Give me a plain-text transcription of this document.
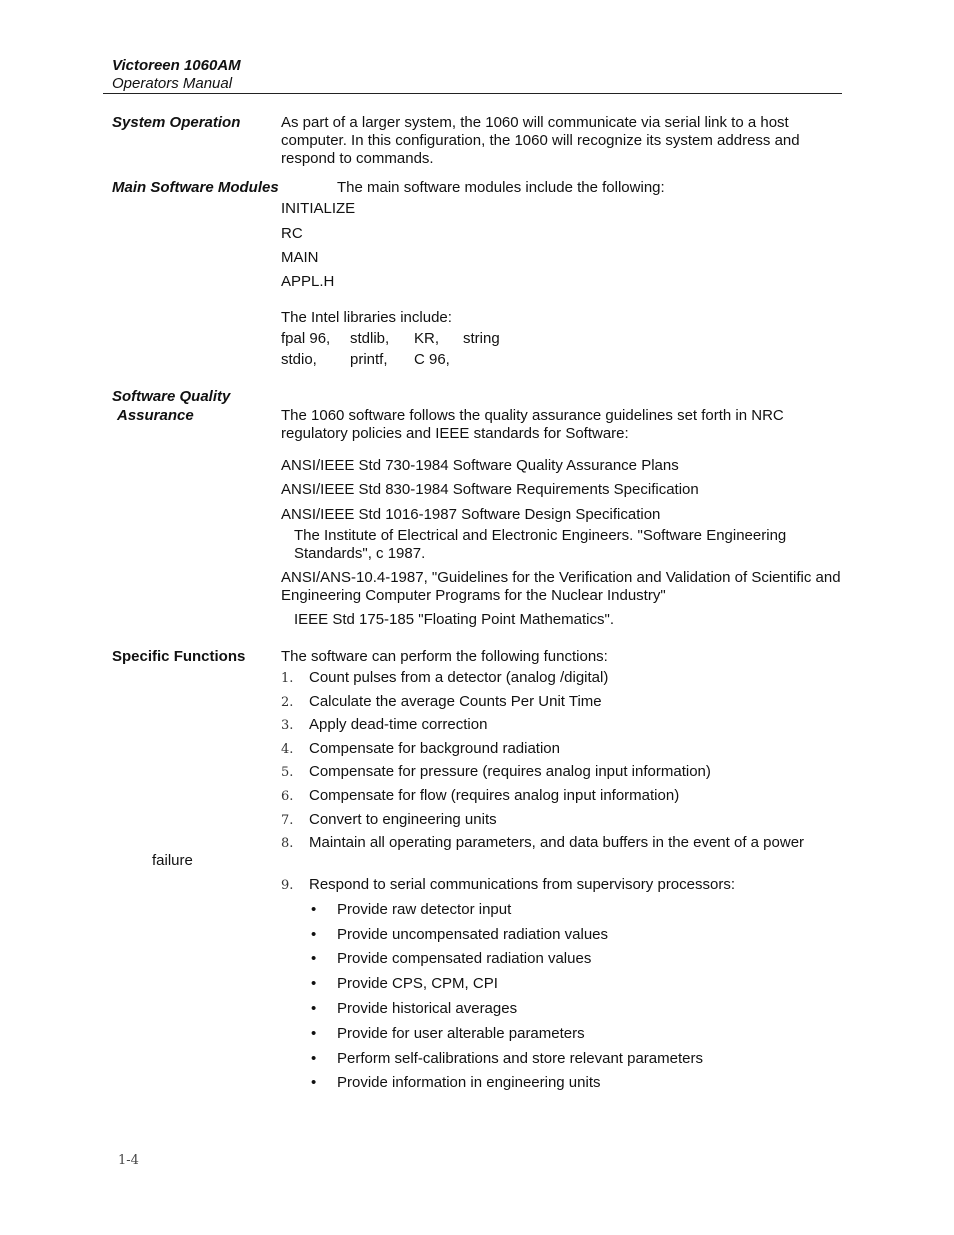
Victoreen 1060AM
Operators Manual
System Operation	As part of a larger system, the 1060 will communicate via serial link to a host computer. In this configuration, the 1060 will recognize its system address and respond to commands.
Main Software Modules	The main software modules include the following:
INITIALIZE
RC
MAIN
APPL.H
The Intel libraries include:
fpal 96, stdlib, KR, string
stdio, printf, C 96,
Software Quality
Assurance	The 1060 software follows the quality assurance guidelines set forth in NRC regulatory policies and IEEE standards for Software:
ANSI/IEEE Std 730-1984 Software Quality Assurance Plans
ANSI/IEEE Std 830-1984 Software Requirements Specification
ANSI/IEEE Std 1016-1987 Software Design Specification
The Institute of Electrical and Electronic Engineers. "Software Engineering Standards", c 1987.
ANSI/ANS-10.4-1987, "Guidelines for the Verification and Validation of Scientific and Engineering Computer Programs for the Nuclear Industry"
IEEE Std 175-185 "Floating Point Mathematics".
Specific Functions The software can perform the following functions:
1. Count pulses from a detector (analog /digital)
2. Calculate the average Counts Per Unit Time
3. Apply dead-time correction
4. Compensate for background radiation
5. Compensate for pressure (requires analog input information)
6. Compensate for flow (requires analog input information)
7. Convert to engineering units
8. Maintain all operating parameters, and data buffers in the event of a power
failure
9. Respond to serial communications from supervisory processors:
• Provide raw detector input
• Provide uncompensated radiation values
• Provide compensated radiation values
• Provide CPS, CPM, CPI
• Provide historical averages
• Provide for user alterable parameters
• Perform self-calibrations and store relevant parameters
• Provide information in engineering units
1-4
